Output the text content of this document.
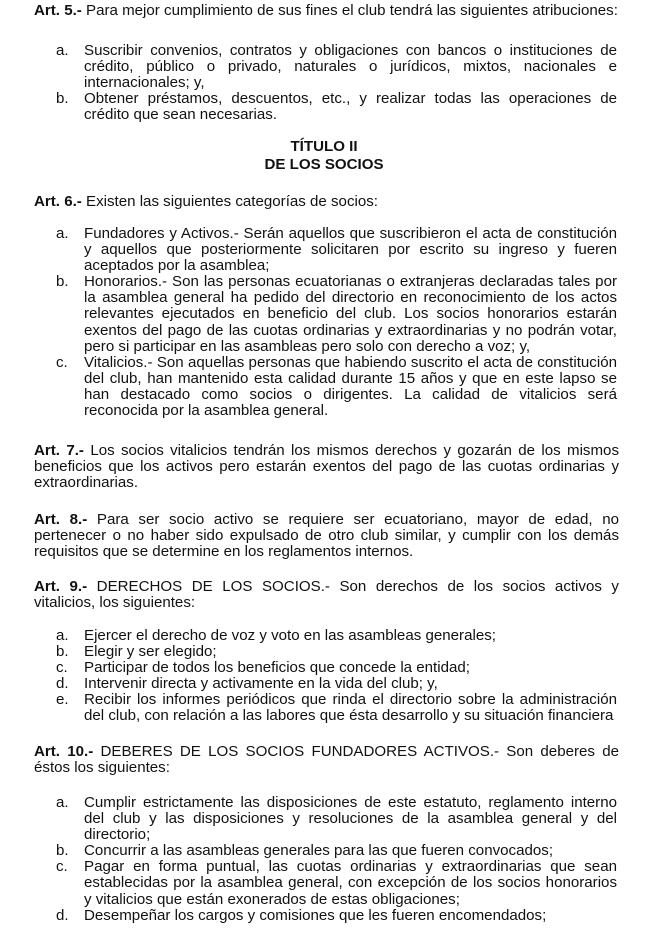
Art. 5.- Para mejor cumplimiento de sus fines el club tendrá las siguientes atribuciones:

a. Suscribir convenios, contratos y obligaciones con bancos o instituciones de crédito, público o privado, naturales o jurídicos, mixtos, nacionales e internacionales; y,
b. Obtener préstamos, descuentos, etc., y realizar todas las operaciones de crédito que sean necesarias.

TÍTULO II

DE LOS SOCIOS

Art. 6.- Existen las siguientes categorías de socios:

a. Fundadores y Activos.- Serán aquellos que suscribieron el acta de constitución y aquellos que posteriormente solicitaren por escrito su ingreso y fueren aceptados por la asamblea;
b. Honorarios.- Son las personas ecuatorianas o extranjeras declaradas tales por la asamblea general ha pedido del directorio en reconocimiento de los actos relevantes ejecutados en beneficio del club. Los socios honorarios estarán exentos del pago de las cuotas ordinarias y extraordinarias y no podrán votar, pero si participar en las asambleas pero solo con derecho a voz; y,
c. Vitalicios.- Son aquellas personas que habiendo suscrito el acta de constitución del club, han mantenido esta calidad durante 15 años y que en este lapso se han destacado como socios o dirigentes. La calidad de vitalicios será reconocida por la asamblea general.

Art. 7.- Los socios vitalicios tendrán los mismos derechos y gozarán de los mismos beneficios que los activos pero estarán exentos del pago de las cuotas ordinarias y extraordinarias.

Art. 8.- Para ser socio activo se requiere ser ecuatoriano, mayor de edad, no pertenecer o no haber sido expulsado de otro club similar, y cumplir con los demás requisitos que se determine en los reglamentos internos.

Art. 9.- DERECHOS DE LOS SOCIOS.- Son derechos de los socios activos y vitalicios, los siguientes:

a. Ejercer el derecho de voz y voto en las asambleas generales;
b. Elegir y ser elegido;
c. Participar de todos los beneficios que concede la entidad;
d. Intervenir directa y activamente en la vida del club; y,
e. Recibir los informes periódicos que rinda el directorio sobre la administración del club, con relación a las labores que ésta desarrollo y su situación financiera

Art. 10.- DEBERES DE LOS SOCIOS FUNDADORES ACTIVOS.- Son deberes de éstos los siguientes:

a. Cumplir estrictamente las disposiciones de este estatuto, reglamento interno del club y las disposiciones y resoluciones de la asamblea general y del directorio;
b. Concurrir a las asambleas generales para las que fueren convocados;
c. Pagar en forma puntual, las cuotas ordinarias y extraordinarias que sean establecidas por la asamblea general, con excepción de los socios honorarios y vitalicios que están exonerados de estas obligaciones;
d. Desempeñar los cargos y comisiones que les fueren encomendados;
